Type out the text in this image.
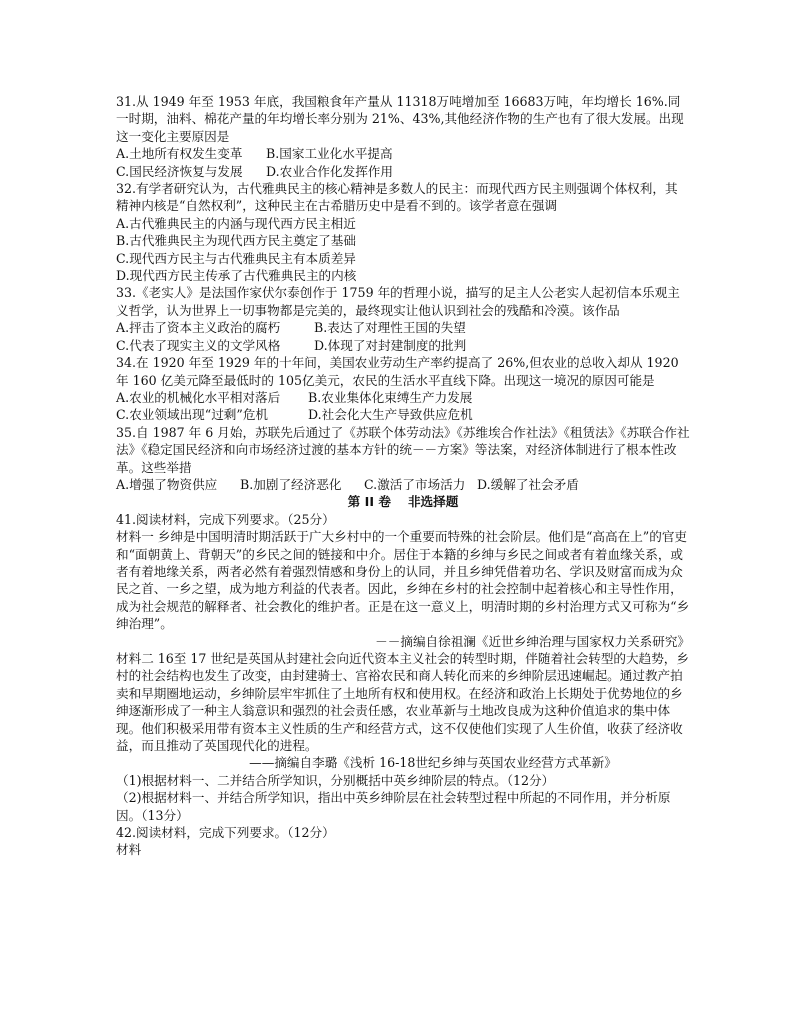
31.从 1949 年至 1953 年底，我国粮食年产量从 11318万吨增加至 16683万吨，年均增长 16%.同一时期，油料、棉花产量的年均增长率分别为 21%、43%,其他经济作物的生产也有了很大发展。出现这一变化主要原因是

A.土地所有权发生变革 B.国家工业化水平提高

C.国民经济恢复与发展 D.农业合作化发挥作用

32.有学者研究认为，古代雅典民主的核心精神是多数人的民主：而现代西方民主则强调个体权利，其精神内核是“自然权利”，这种民主在古希腊历史中是看不到的。该学者意在强调

A.古代雅典民主的内涵与现代西方民主相近

B.古代雅典民主为现代西方民主奠定了基础

C.现代西方民主与古代雅典民主有本质差异

D.现代西方民主传承了古代雅典民主的内核

33.《老实人》是法国作家伏尔泰创作于 1759 年的哲理小说，描写的足主人公老实人起初信本乐观主义哲学，认为世界上一切事物都是完美的，最终现实让他认识到社会的残酷和冷漠。该作品

A.抨击了资本主义政治的腐朽	B.表达了对理性王国的失望

C.代表了现实主义的文学风格	D.体现了对封建制度的批判

34.在 1920 年至 1929 年的十年间，美国农业劳动生产率约提高了 26%,但农业的总收入却从 1920 年 160 亿美元降至最低时的 105亿美元，农民的生活水平直线下降。出现这一境况的原因可能是

A.农业的机械化水平相对落后 B.农业集体化束缚生产力发展

C.农业领域出现“过剩”危机	D.社会化大生产导致供应危机

35.自 1987 年 6 月始，苏联先后通过了《苏联个体劳动法》《苏维埃合作社法》《租赁法》《苏联合作社法》《稳定国民经济和向市场经济过渡的基本方针的统－－方案》等法案，对经济体制进行了根本性改革。这些举措

A.增强了物资供应 B.加剧了经济恶化 C.激活了市场活力 D.缓解了社会矛盾

第 II 卷　 非选择题

41.阅读材料，完成下列要求。（25分）

材料一 乡绅是中国明清时期活跃于广大乡村中的一个重要而特殊的社会阶层。他们是“高高在上”的官吏和“面朝黄上、背朝天”的乡民之间的链接和中介。居住于本籍的乡绅与乡民之间或者有着血缘关系，或者有着地缘关系，两者必然有着强烈情感和身份上的认同，并且乡绅凭借着功名、学识及财富而成为众民之首、一乡之望，成为地方利益的代表者。因此，乡绅在乡村的社会控制中起着核心和主导性作用，成为社会规范的解释者、社会教化的维护者。正是在这一意义上，明清时期的乡村治理方式又可称为“乡绅治理”。

－－摘编自徐祖澜《近世乡绅治理与国家权力关系研究》

材料二 16至 17 世纪是英国从封建社会向近代资本主义社会的转型时期，伴随着社会转型的大趋势，乡村的社会结构也发生了改变，由封建骑士、宫裕农民和商人转化而来的乡绅阶层迅速崛起。通过教产拍卖和早期圈地运动，乡绅阶层牢牢抓住了土地所有权和使用权。在经济和政治上长期处于优势地位的乡绅逐渐形成了一种主人翁意识和强烈的社会责任感，农业革新与土地改良成为这种价值追求的集中体现。他们积极采用带有资本主义性质的生产和经营方式，这不仅使他们实现了人生价值，收获了经济收益，而且推动了英国现代化的进程。

——摘编自李璐《浅析 16-18世纪乡绅与英国农业经营方式革新》

（1)根据材料一、二并结合所学知识，分别概括中英乡绅阶层的特点。（12分）

（2)根据材料一、并结合所学知识，指出中英乡绅阶层在社会转型过程中所起的不同作用，并分析原因。（13分）

42.阅读材料，完成下列要求。（12分）

材料
